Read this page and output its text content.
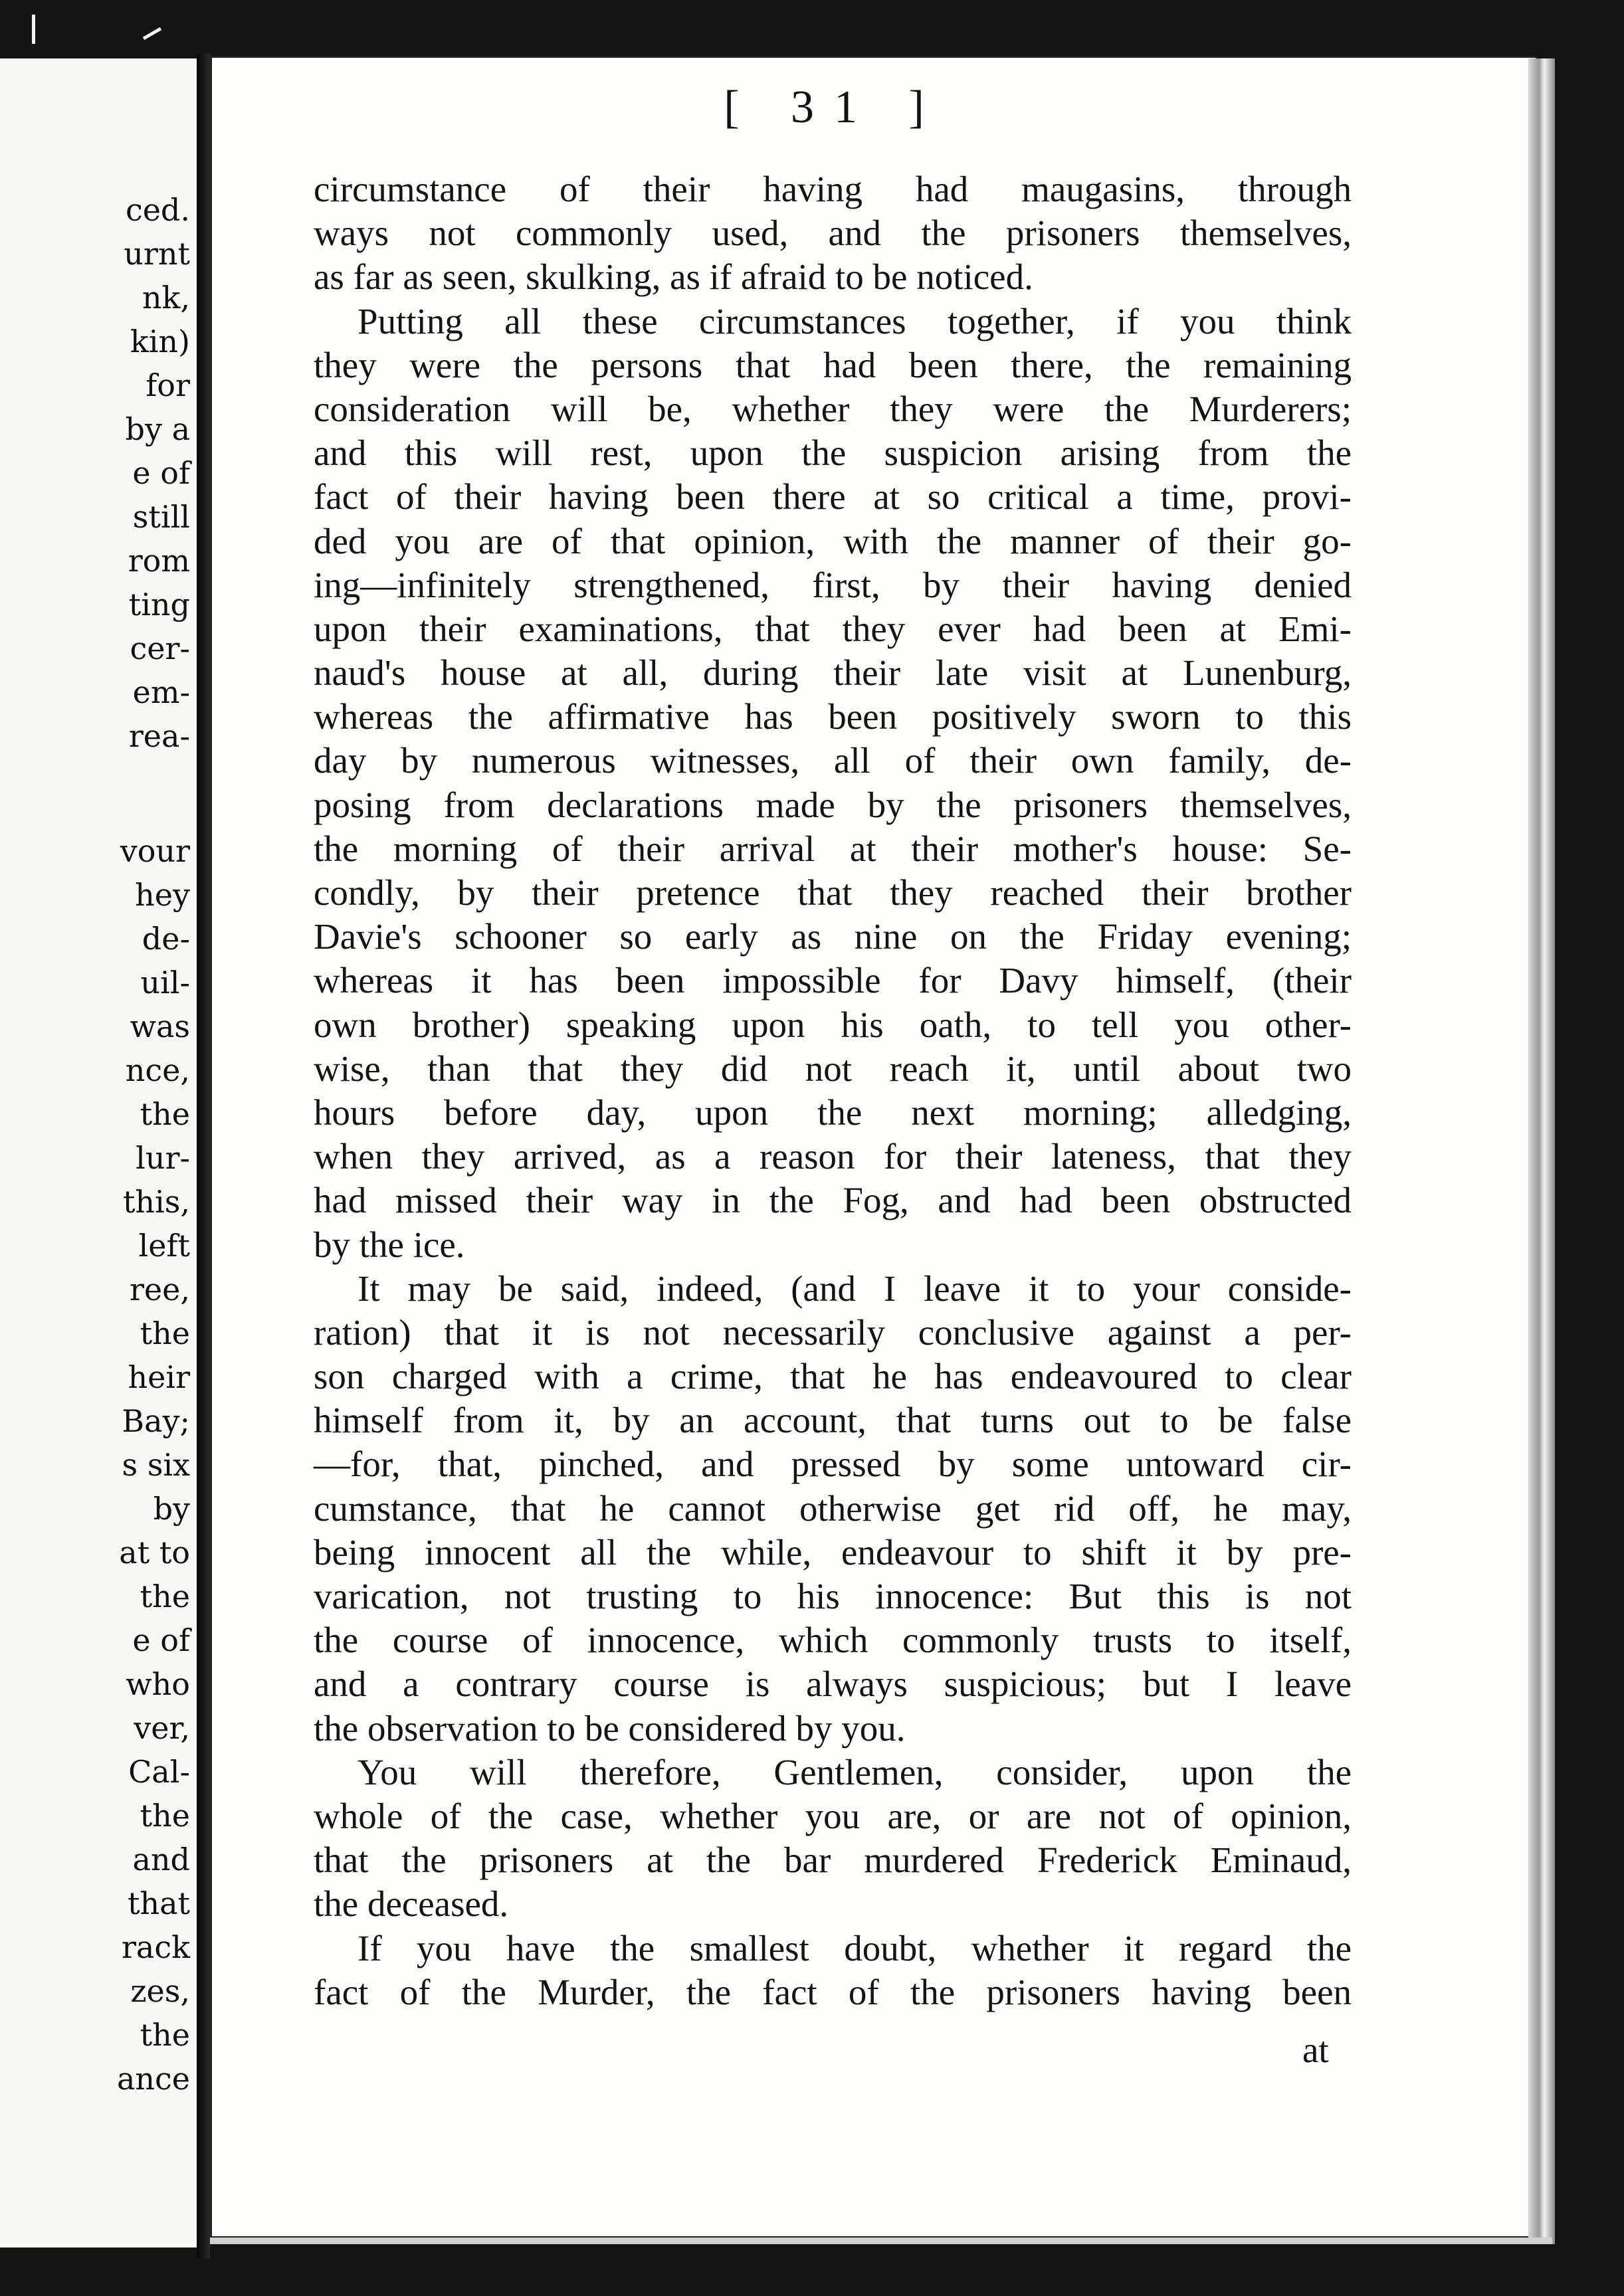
ced.
urnt
nk,
kin)
for
by a
e of
still
rom
ting
cer-
em-
rea-
vour
hey
de-
uil-
was
nce,
the
lur-
this,
left
ree,
the
heir
Bay;
s six
by
at to
the
e of
who
ver,
Cal-
the
and
that
rack
zes,
the
ance
[ 31 ]
circumstance of their having had maugasins, through
ways not commonly used, and the prisoners themselves,
as far as seen, skulking, as if afraid to be noticed.
Putting all these circumstances together, if you think
they were the persons that had been there, the remaining
consideration will be, whether they were the Murderers;
and this will rest, upon the suspicion arising from the
fact of their having been there at so critical a time, provi-
ded you are of that opinion, with the manner of their go-
ing—infinitely strengthened, first, by their having denied
upon their examinations, that they ever had been at Emi-
naud's house at all, during their late visit at Lunenburg,
whereas the affirmative has been positively sworn to this
day by numerous witnesses, all of their own family, de-
posing from declarations made by the prisoners themselves,
the morning of their arrival at their mother's house: Se-
condly, by their pretence that they reached their brother
Davie's schooner so early as nine on the Friday evening;
whereas it has been impossible for Davy himself, (their
own brother) speaking upon his oath, to tell you other-
wise, than that they did not reach it, until about two
hours before day, upon the next morning; alledging,
when they arrived, as a reason for their lateness, that they
had missed their way in the Fog, and had been obstructed
by the ice.
It may be said, indeed, (and I leave it to your conside-
ration) that it is not necessarily conclusive against a per-
son charged with a crime, that he has endeavoured to clear
himself from it, by an account, that turns out to be false
—for, that, pinched, and pressed by some untoward cir-
cumstance, that he cannot otherwise get rid off, he may,
being innocent all the while, endeavour to shift it by pre-
varication, not trusting to his innocence: But this is not
the course of innocence, which commonly trusts to itself,
and a contrary course is always suspicious; but I leave
the observation to be considered by you.
You will therefore, Gentlemen, consider, upon the
whole of the case, whether you are, or are not of opinion,
that the prisoners at the bar murdered Frederick Eminaud,
the deceased.
If you have the smallest doubt, whether it regard the
fact of the Murder, the fact of the prisoners having been
at
